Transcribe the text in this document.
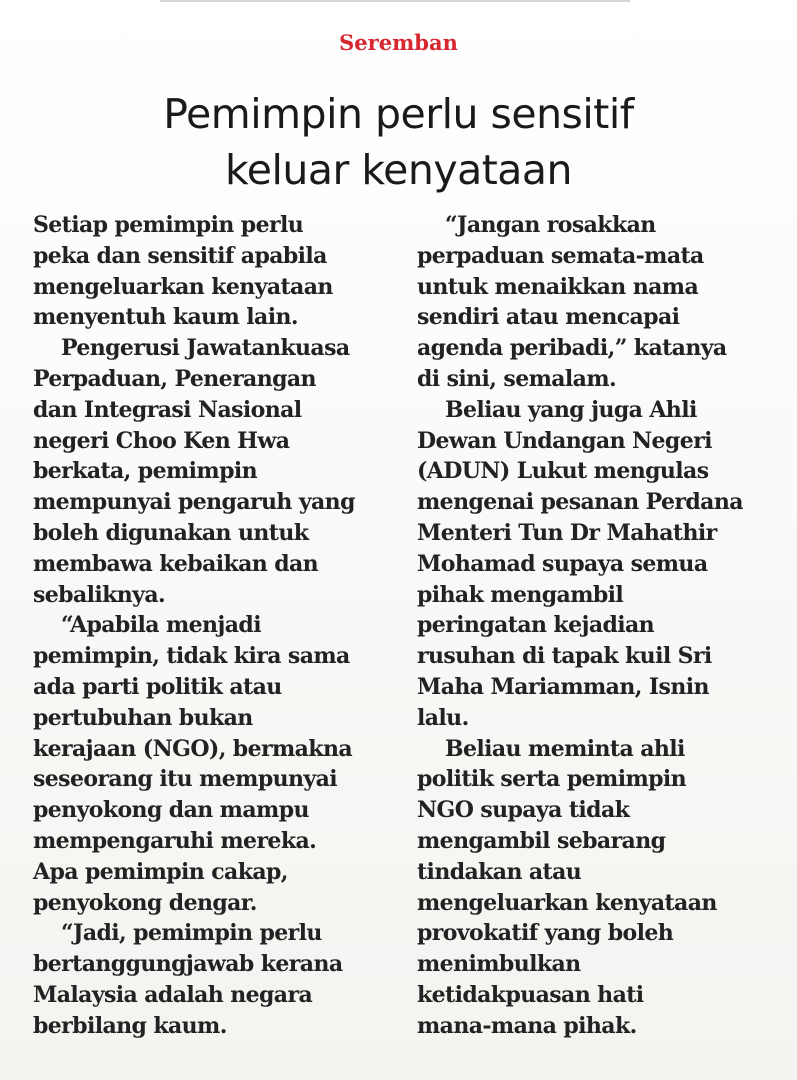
Seremban
Pemimpin perlu sensitif
keluar kenyataan

Setiap pemimpin perlu
peka dan sensitif apabila
mengeluarkan kenyataan
menyentuh kaum lain.

Pengerusi Jawatankuasa
Perpaduan, Penerangan
dan Integrasi Nasional
negeri Choo Ken Hwa
berkata, pemimpin
mempunyai pengaruh yang
boleh digunakan untuk
membawa kebaikan dan
sebaliknya.

“Apabila menjadi
pemimpin, tidak kira sama
ada parti politik atau
pertubuhan bukan
kerajaan (NGO), bermakna
seseorang itu mempunyai
penyokong dan mampu
mempengaruhi mereka.
Apa pemimpin cakap,
penyokong dengar.

“Jadi, pemimpin perlu
bertanggungjawab kerana
Malaysia adalah negara
berbilang kaum.

“Jangan rosakkan
perpaduan semata-mata
untuk menaikkan nama
sendiri atau mencapai
agenda peribadi,” katanya
di sini, semalam.

Beliau yang juga Ahli
Dewan Undangan Negeri
(ADUN) Lukut mengulas
mengenai pesanan Perdana
Menteri Tun Dr Mahathir
Mohamad supaya semua
pihak mengambil
peringatan kejadian
rusuhan di tapak kuil Sri
Maha Mariamman, Isnin
lalu.

Beliau meminta ahli
politik serta pemimpin
NGO supaya tidak
mengambil sebarang
tindakan atau
mengeluarkan kenyataan
provokatif yang boleh
menimbulkan
ketidakpuasan hati
mana-mana pihak.
